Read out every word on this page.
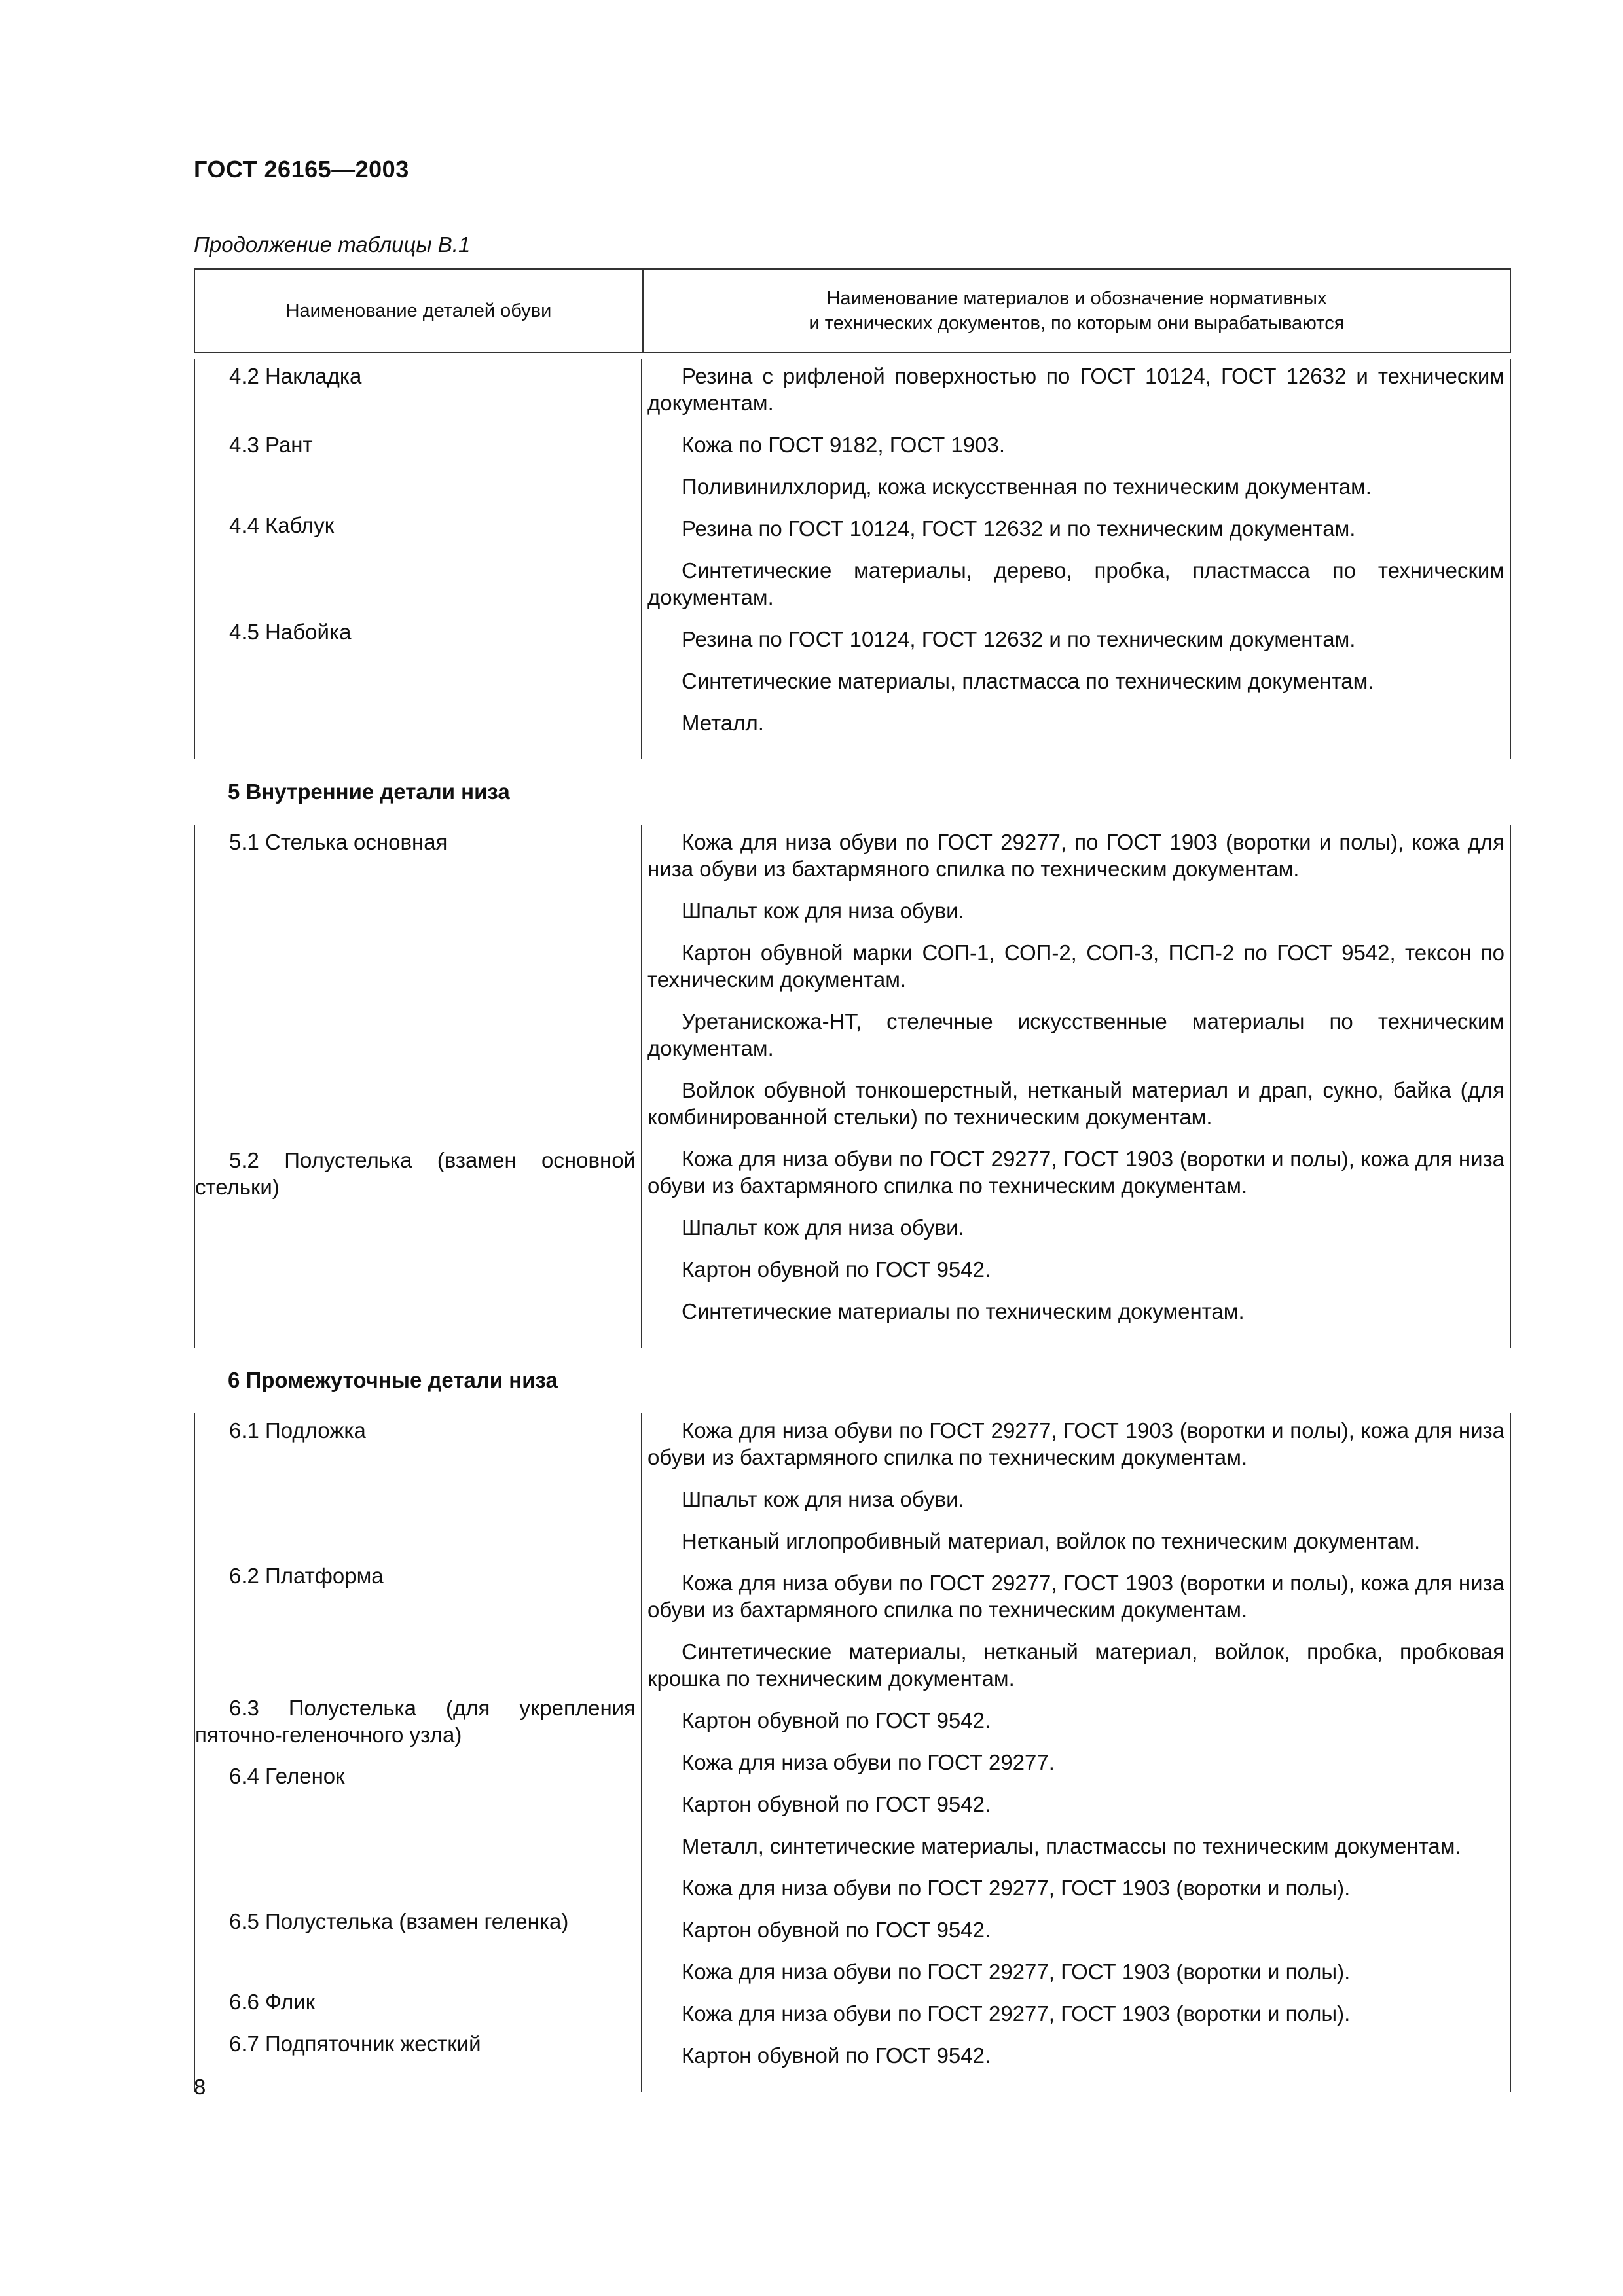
ГОСТ 26165—2003

Продолжение таблицы В.1

Наименование деталей обуви
Наименование материалов и обозначение нормативных
и технических документов, по которым они вырабатываются
4.2 Накладка
4.3 Рант
4.4 Каблук
4.5 Набойка
Резина с рифленой поверхностью по ГОСТ 10124, ГОСТ 12632 и техническим документам.
Кожа по ГОСТ 9182, ГОСТ 1903.
Поливинилхлорид, кожа искусственная по техническим документам.
Резина по ГОСТ 10124, ГОСТ 12632 и по техническим документам.
Синтетические материалы, дерево, пробка, пластмасса по техническим документам.
Резина по ГОСТ 10124, ГОСТ 12632 и по техническим документам.
Синтетические материалы, пластмасса по техническим документам.
Металл.
5 Внутренние детали низа
5.1 Стелька основная
5.2 Полустелька (взамен основной стельки)
Кожа для низа обуви по ГОСТ 29277, по ГОСТ 1903 (воротки и полы), кожа для низа обуви из бахтармяного спилка по техническим документам.
Шпальт кож для низа обуви.
Картон обувной марки СОП-1, СОП-2, СОП-3, ПСП-2 по ГОСТ 9542, тексон по техническим документам.
Уретанискожа-НТ, стелечные искусственные материалы по техническим документам.
Войлок обувной тонкошерстный, нетканый материал и драп, сукно, байка (для комбинированной стельки) по техническим документам.
Кожа для низа обуви по ГОСТ 29277, ГОСТ 1903 (воротки и полы), кожа для низа обуви из бахтармяного спилка по техническим документам.
Шпальт кож для низа обуви.
Картон обувной по ГОСТ 9542.
Синтетические материалы по техническим документам.
6 Промежуточные детали низа
6.1 Подложка
6.2 Платформа
6.3 Полустелька (для укрепления пяточно-геленочного узла)
6.4 Геленок
6.5 Полустелька (взамен геленка)
6.6 Флик
6.7 Подпяточник жесткий
Кожа для низа обуви по ГОСТ 29277, ГОСТ 1903 (воротки и полы), кожа для низа обуви из бахтармяного спилка по техническим документам.
Шпальт кож для низа обуви.
Нетканый иглопробивный материал, войлок по техническим документам.
Кожа для низа обуви по ГОСТ 29277, ГОСТ 1903 (воротки и полы), кожа для низа обуви из бахтармяного спилка по техническим документам.
Синтетические материалы, нетканый материал, войлок, пробка, пробковая крошка по техническим документам.
Картон обувной по ГОСТ 9542.
Кожа для низа обуви по ГОСТ 29277.
Картон обувной по ГОСТ 9542.
Металл, синтетические материалы, пластмассы по техническим документам.
Кожа для низа обуви по ГОСТ 29277, ГОСТ 1903 (воротки и полы).
Картон обувной по ГОСТ 9542.
Кожа для низа обуви по ГОСТ 29277, ГОСТ 1903 (воротки и полы).
Кожа для низа обуви по ГОСТ 29277, ГОСТ 1903 (воротки и полы).
Картон обувной по ГОСТ 9542.

8
